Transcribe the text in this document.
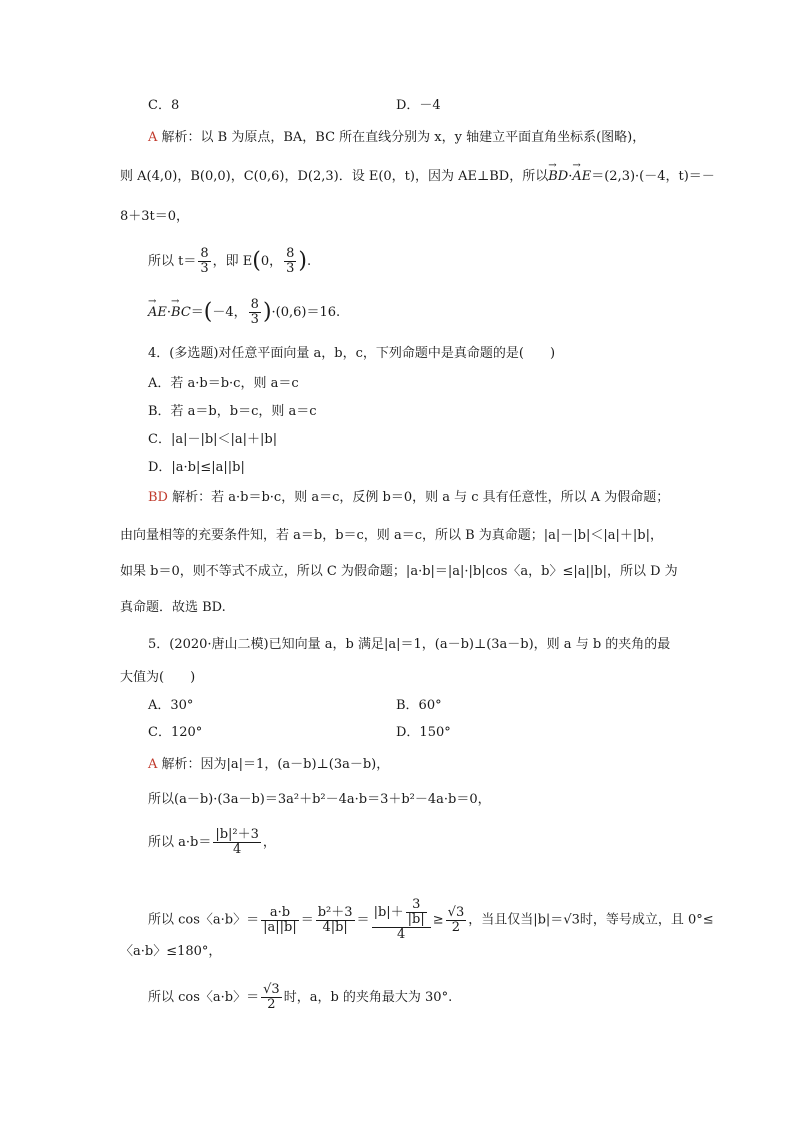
C．8	D．－4
A 解析：以 B 为原点，BA，BC 所在直线分别为 x，y 轴建立平面直角坐标系(图略)，
则 A(4,0)，B(0,0)，C(0,6)，D(2,3)．设 E(0，t)，因为 AE⊥BD，所以→ BD·→ AE＝(2,3)·(－4，t)＝－
8＋3t＝0，
所以 $t= \frac{8}{3}$ ，即 E(0， $\frac{8}{3}$ ).
→ AE·→ BC＝(－4， $\frac{8}{3} )\cdot(0,6)=16$.
4．(多选题)对任意平面向量 a，b，c，下列命题中是真命题的是(　　)
A．若 a·b＝b·c，则 a＝c
B．若 a＝b，b＝c，则 a＝c
C．|a|－|b|＜|a|＋|b|
D．|a·b|≤|a||b|
BD 解析：若 a·b＝b·c，则 a＝c，反例 b＝0，则 a 与 c 具有任意性，所以 A 为假命题；
由向量相等的充要条件知，若 a＝b，b＝c，则 a＝c，所以 B 为真命题；|a|－|b|＜|a|＋|b|，
如果 b＝0，则不等式不成立，所以 C 为假命题；|a·b|＝|a|·|b|cos〈a，b〉≤|a||b|，所以 D 为
真命题．故选 BD.
5．(2020·唐山二模)已知向量 a，b 满足|a|＝1，(a－b)⊥(3a－b)，则 a 与 b 的夹角的最
大值为(　　)
A．30°	B．60°
C．120°	D．150°
A 解析：因为|a|＝1，(a－b)⊥(3a－b)，
所以(a－b)·(3a－b)＝3a²＋b²－4a·b＝3＋b²－4a·b＝0，
所以 $a\cdot b= \frac{\text{|b|²＋3}}{4}$ ，
所以 cos〈a·b〉＝ $\frac{a\cdot b}{|a||b|} = \frac{\text{b²＋3}}{4|b|} = \frac{|b|+ \frac{3}{|b|}}{4} \ge \frac{√3}{2}$ ，当且仅当|b|＝√3时，等号成立，且 0°≤
〈a·b〉≤180°，
所以 cos〈a·b〉＝ $\frac{√3}{2}$ 时，a，b 的夹角最大为 30°.
